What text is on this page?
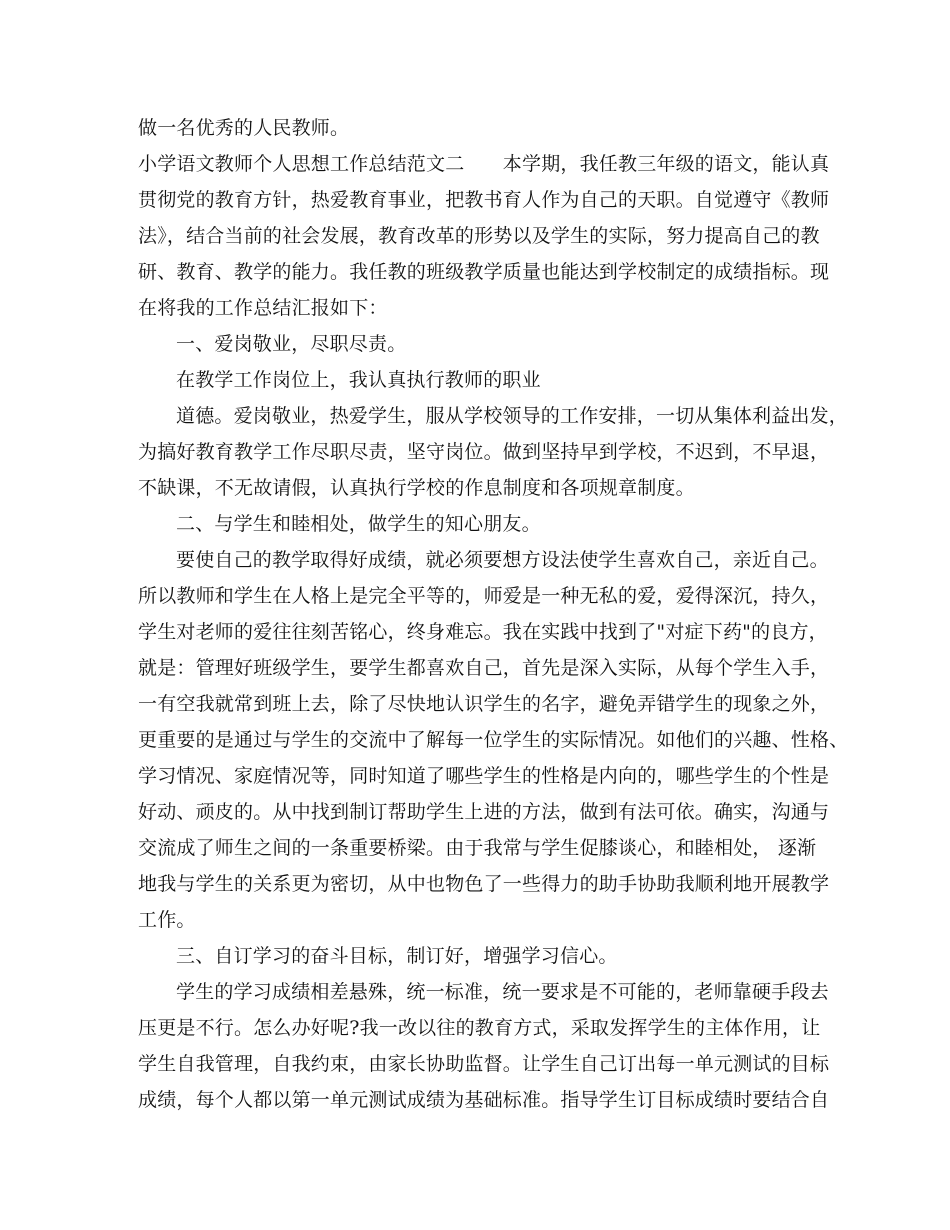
做一名优秀的人民教师。
小学语文教师个人思想工作总结范文二　　本学期，我任教三年级的语文，能认真
贯彻党的教育方针，热爱教育事业，把教书育人作为自己的天职。自觉遵守《教师
法》，结合当前的社会发展，教育改革的形势以及学生的实际，努力提高自己的教
研、教育、教学的能力。我任教的班级教学质量也能达到学校制定的成绩指标。现
在将我的工作总结汇报如下：
一、爱岗敬业，尽职尽责。
在教学工作岗位上，我认真执行教师的职业
道德。爱岗敬业，热爱学生，服从学校领导的工作安排，一切从集体利益出发，
为搞好教育教学工作尽职尽责，坚守岗位。做到坚持早到学校，不迟到，不早退，
不缺课，不无故请假，认真执行学校的作息制度和各项规章制度。
二、与学生和睦相处，做学生的知心朋友。
要使自己的教学取得好成绩，就必须要想方设法使学生喜欢自己，亲近自己。
所以教师和学生在人格上是完全平等的，师爱是一种无私的爱，爱得深沉，持久，
学生对老师的爱往往刻苦铭心，终身难忘。我在实践中找到了"对症下药"的良方，
就是：管理好班级学生，要学生都喜欢自己，首先是深入实际，从每个学生入手，
一有空我就常到班上去，除了尽快地认识学生的名字，避免弄错学生的现象之外，
更重要的是通过与学生的交流中了解每一位学生的实际情况。如他们的兴趣、性格、
学习情况、家庭情况等，同时知道了哪些学生的性格是内向的，哪些学生的个性是
好动、顽皮的。从中找到制订帮助学生上进的方法，做到有法可依。确实，沟通与
交流成了师生之间的一条重要桥梁。由于我常与学生促膝谈心，和睦相处， 逐渐
地我与学生的关系更为密切，从中也物色了一些得力的助手协助我顺利地开展教学
工作。
三、自订学习的奋斗目标，制订好，增强学习信心。
学生的学习成绩相差悬殊，统一标准，统一要求是不可能的，老师靠硬手段去
压更是不行。怎么办好呢?我一改以往的教育方式，采取发挥学生的主体作用，让
学生自我管理，自我约束，由家长协助监督。让学生自己订出每一单元测试的目标
成绩，每个人都以第一单元测试成绩为基础标准。指导学生订目标成绩时要结合自
